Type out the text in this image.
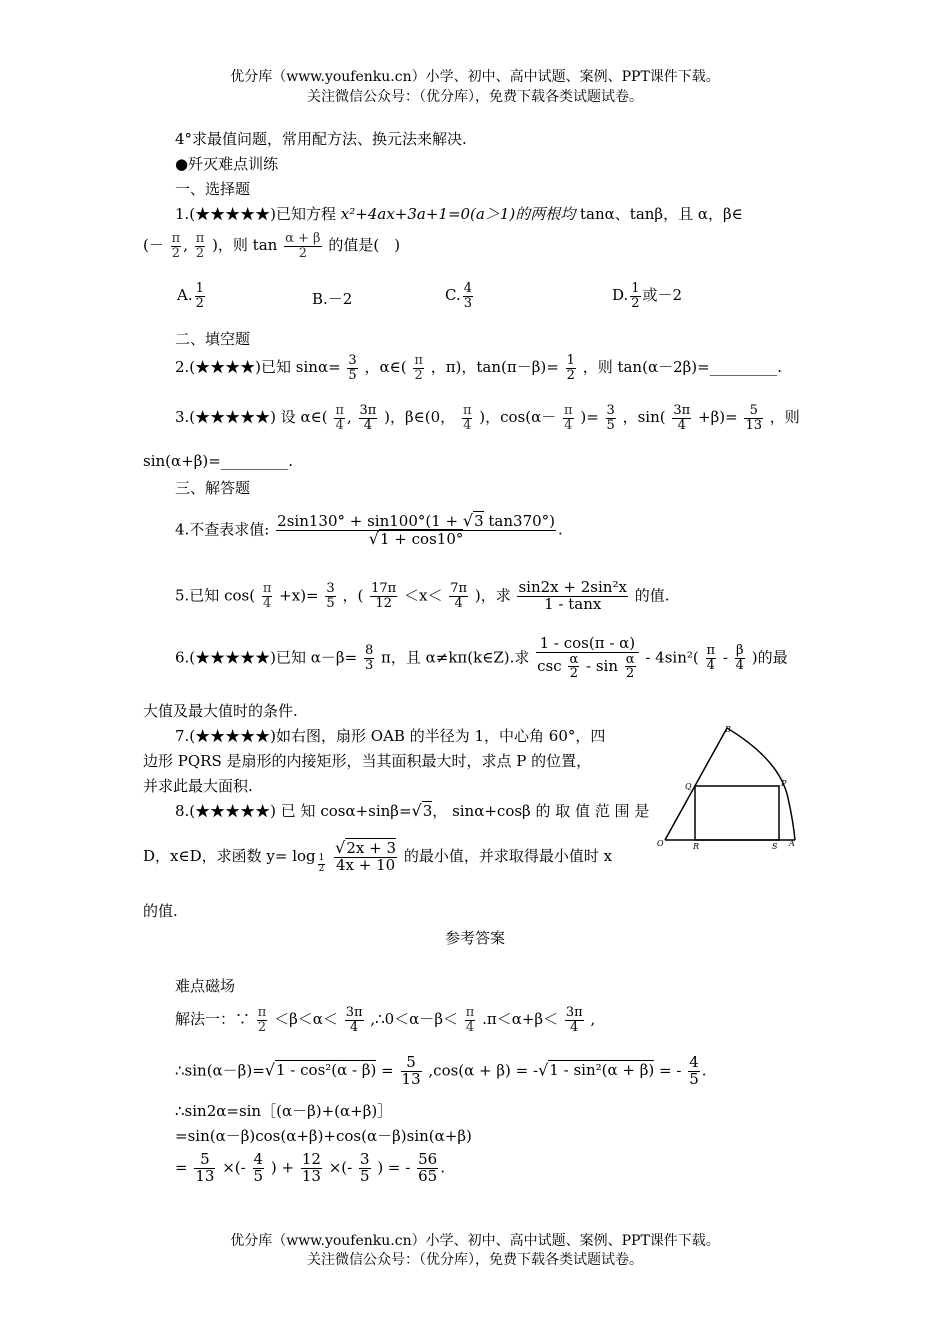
优分库（www.youfenku.cn）小学、初中、高中试题、案例、PPT课件下载。
关注微信公众号：（优分库），免费下载各类试题试卷。
4°求最值问题，常用配方法、换元法来解决.
●歼灭难点训练
一、选择题
1.(★★★★★)已知方程 x²+4ax+3a+1=0(a＞1)的两根均 tanα、tanβ，且 α，β∈
(－ $\frac{\pi}{2}$ , $\frac{\pi}{2}$ )，则 $\tan \frac{\alpha + \beta}{2}$ 的值是(　)
A. $\frac{1}{2}$	B.－2	C. $\frac{4}{3}$	D. $\frac{1}{2}$ 或－2
二、填空题
2.(★★★★)已知 $\sin\alpha= \frac{3}{5}$ ，α∈( $\frac{\pi}{2}$ ，π)，$\tan(\pi-\beta)= \frac{1}{2}$ ，则 tan(α－2β)=_________.
3.(★★★★★) 设 α∈( $\frac{\pi}{4}$ , $\frac{3\pi}{4}$ )，β∈(0， $\frac{\pi}{4}$ )，$\cos(\alpha- \frac{\pi}{4}$ )= $\frac{3}{5}$ ，$\sin( \frac{3\pi}{4} +\beta)= \frac{5}{13}$ ，则
sin(α+β)=_________.
三、解答题
4.不查表求值: $\frac{2\sin 130^\circ + \sin 100^\circ(1 + √3 \tan 370^\circ)}{√1 + \cos 10^\circ}$ .
5.已知 $\cos( \frac{\pi}{4} +x)= \frac{3}{5}$ ，( $\frac{17\pi}{12} <x< \frac{7\pi}{4}$ )，求 $\frac{\text{sin2x + 2sin²x}}{1 - \tan x}$ 的值.
6.(★★★★★)已知 $\alpha-\beta= \frac{8}{3}$ π，且 α≠kπ(k∈Z).求 $\frac{1 - \cos(\pi - \alpha)}{\csc \frac{\alpha}{2} - \sin \frac{\alpha}{2}} - 4\sin^2( \frac{\pi}{4} - \frac{\beta}{4}$ )的最
大值及最大值时的条件.
7.(★★★★★)如右图，扇形 OAB 的半径为 1，中心角 60°，四
边形 PQRS 是扇形的内接矩形，当其面积最大时，求点 P 的位置，
并求此最大面积.
8.(★★★★★) 已 知 cosα+sinβ=√3， sinα+cosβ 的 取 值 范 围 是
D，x∈D，求函数 $y= \log \frac{1}{2}$
$\frac{√2x + 3}{4x + 10}$ 的最小值，并求取得最小值时 x
的值.
B
Q	P
O	R	S A
参考答案
难点磁场
解法一：∵ $\frac{\pi}{2} <\beta<\alpha< \frac{3\pi}{4}$ ,∴0＜α－β＜ $\frac{\pi}{4} .\pi<\alpha+\beta< \frac{3\pi}{4}$ ,
∴sin(α－β)=√1 - $\cos^2(\alpha - \beta) = \frac{5}{13} ,\cos(\alpha + \beta) = -√1 - \sin^2(\alpha + \beta)$ = - $\frac{4}{5}$ .
∴sin2α=sin［(α－β)+(α+β)］
=sin(α－β)cos(α+β)+cos(α－β)sin(α+β)
= $\frac{5}{13}$ ×(- $\frac{4}{5}$ ) + $\frac{12}{13}$ ×(- $\frac{3}{5}$ ) = - $\frac{56}{65}$ .
优分库（www.youfenku.cn）小学、初中、高中试题、案例、PPT课件下载。
关注微信公众号：（优分库），免费下载各类试题试卷。
